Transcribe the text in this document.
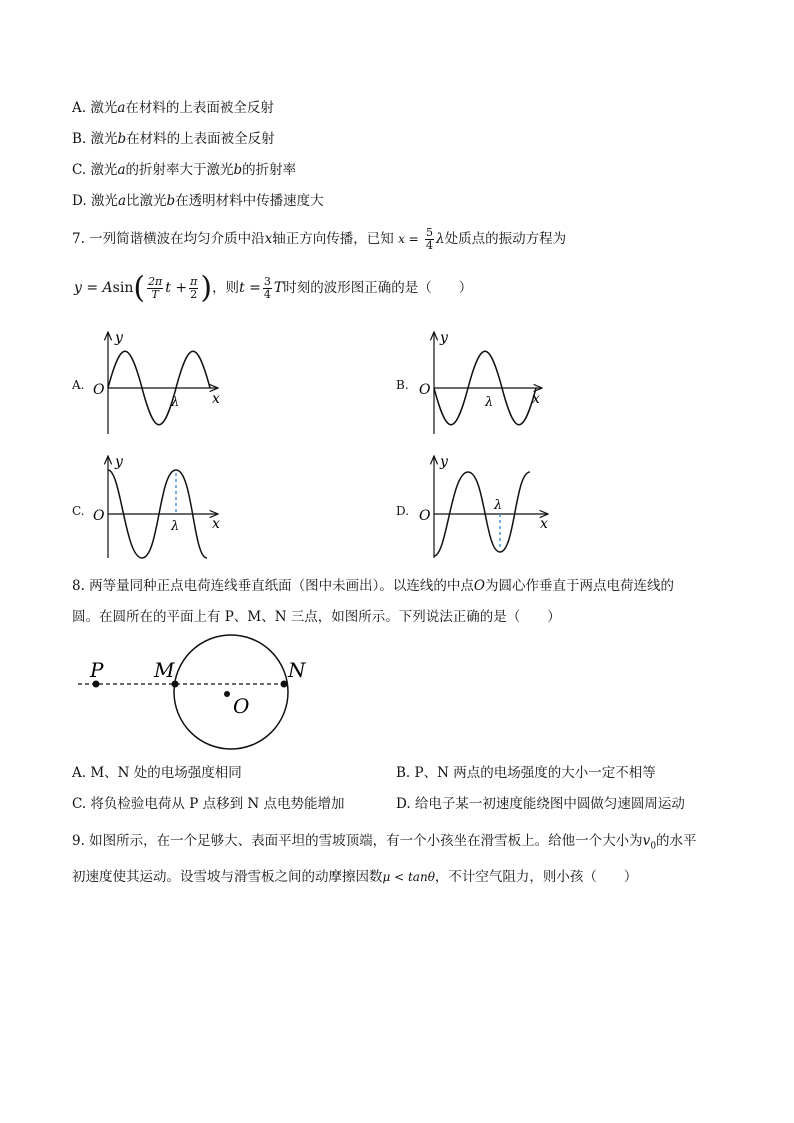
A. 激光a在材料的上表面被全反射
B. 激光b在材料的上表面被全反射
C. 激光a的折射率大于激光b的折射率
D. 激光a比激光b在透明材料中传播速度大
7. 一列简谐横波在均匀介质中沿x轴正方向传播，已知 $x = \frac{5}{4}$ λ处质点的振动方程为
$y = Asin( \frac{2\pi}{T}$ $t + \frac{\pi}{2}$ )，则$t = \frac{3}{4}$ T时刻的波形图正确的是（　　）
A.
y
x
O
λ
B.
y
x
O
λ
C.
y
x
O
λ
D.
y
x
O
λ
8. 两等量同种正点电荷连线垂直纸面（图中未画出）。以连线的中点O为圆心作垂直于两点电荷连线的
圆。在圆所在的平面上有 P、M、N 三点，如图所示。下列说法正确的是（　　）
P	M	N
O
A. M、N 处的电场强度相同	B. P、N 两点的电场强度的大小一定不相等
C. 将负检验电荷从 P 点移到 N 点电势能增加	D. 给电子某一初速度能绕图中圆做匀速圆周运动
9. 如图所示，在一个足够大、表面平坦的雪坡顶端，有一个小孩坐在滑雪板上。给他一个大小为$v_0$的水平
初速度使其运动。设雪坡与滑雪板之间的动摩擦因数μ < tanθ，不计空气阻力，则小孩（　　）
